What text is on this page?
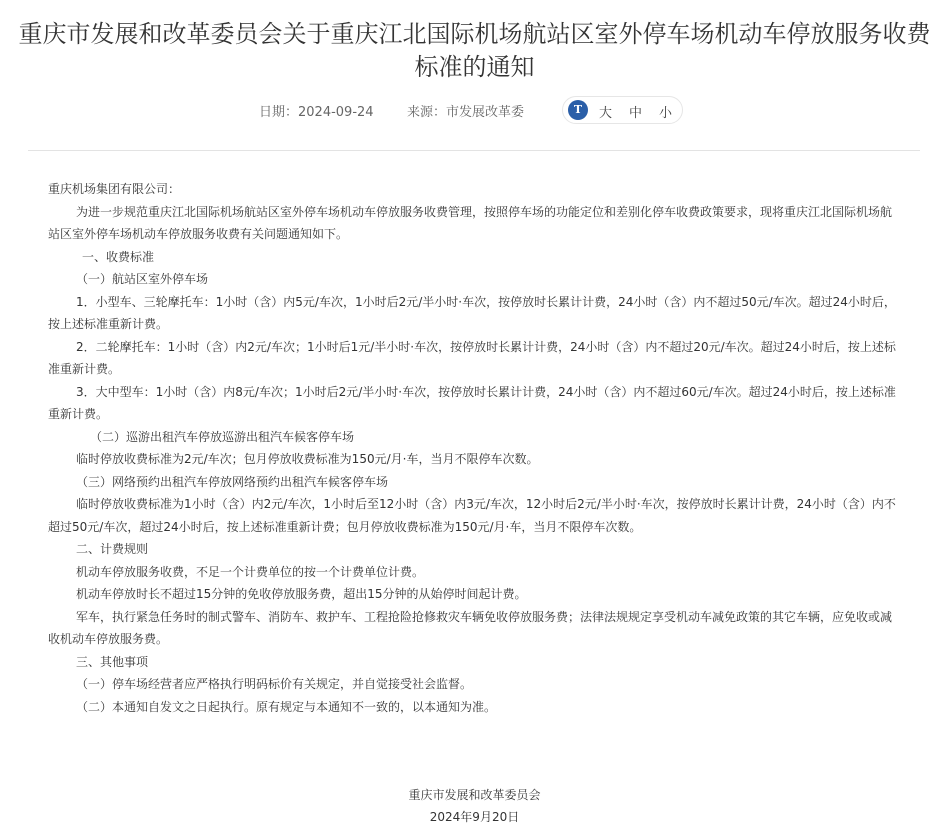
重庆市发展和改革委员会关于重庆江北国际机场航站区室外停车场机动车停放服务收费
标准的通知
日期：2024-09-24	来源：市发展改革委	T	大 中 小

重庆机场集团有限公司：

为进一步规范重庆江北国际机场航站区室外停车场机动车停放服务收费管理，按照停车场的功能定位和差别化停车收费政策要求，现将重庆江北国际机场航站区室外停车场机动车停放服务收费有关问题通知如下。

一、收费标准

（一）航站区室外停车场

1．小型车、三轮摩托车：1小时（含）内5元/车次，1小时后2元/半小时·车次，按停放时长累计计费，24小时（含）内不超过50元/车次。超过24小时后，按上述标准重新计费。

2．二轮摩托车：1小时（含）内2元/车次；1小时后1元/半小时·车次，按停放时长累计计费，24小时（含）内不超过20元/车次。超过24小时后，按上述标准重新计费。

3．大中型车：1小时（含）内8元/车次；1小时后2元/半小时·车次，按停放时长累计计费，24小时（含）内不超过60元/车次。超过24小时后，按上述标准重新计费。

（二）巡游出租汽车停放巡游出租汽车候客停车场

临时停放收费标准为2元/车次；包月停放收费标准为150元/月·车，当月不限停车次数。

（三）网络预约出租汽车停放网络预约出租汽车候客停车场

临时停放收费标准为1小时（含）内2元/车次，1小时后至12小时（含）内3元/车次，12小时后2元/半小时·车次，按停放时长累计计费，24小时（含）内不超过50元/车次，超过24小时后，按上述标准重新计费；包月停放收费标准为150元/月·车，当月不限停车次数。

二、计费规则

机动车停放服务收费，不足一个计费单位的按一个计费单位计费。

机动车停放时长不超过15分钟的免收停放服务费，超出15分钟的从始停时间起计费。

军车，执行紧急任务时的制式警车、消防车、救护车、工程抢险抢修救灾车辆免收停放服务费；法律法规规定享受机动车减免政策的其它车辆，应免收或减收机动车停放服务费。

三、其他事项

（一）停车场经营者应严格执行明码标价有关规定，并自觉接受社会监督。

（二）本通知自发文之日起执行。原有规定与本通知不一致的，以本通知为准。

重庆市发展和改革委员会
2024年9月20日
